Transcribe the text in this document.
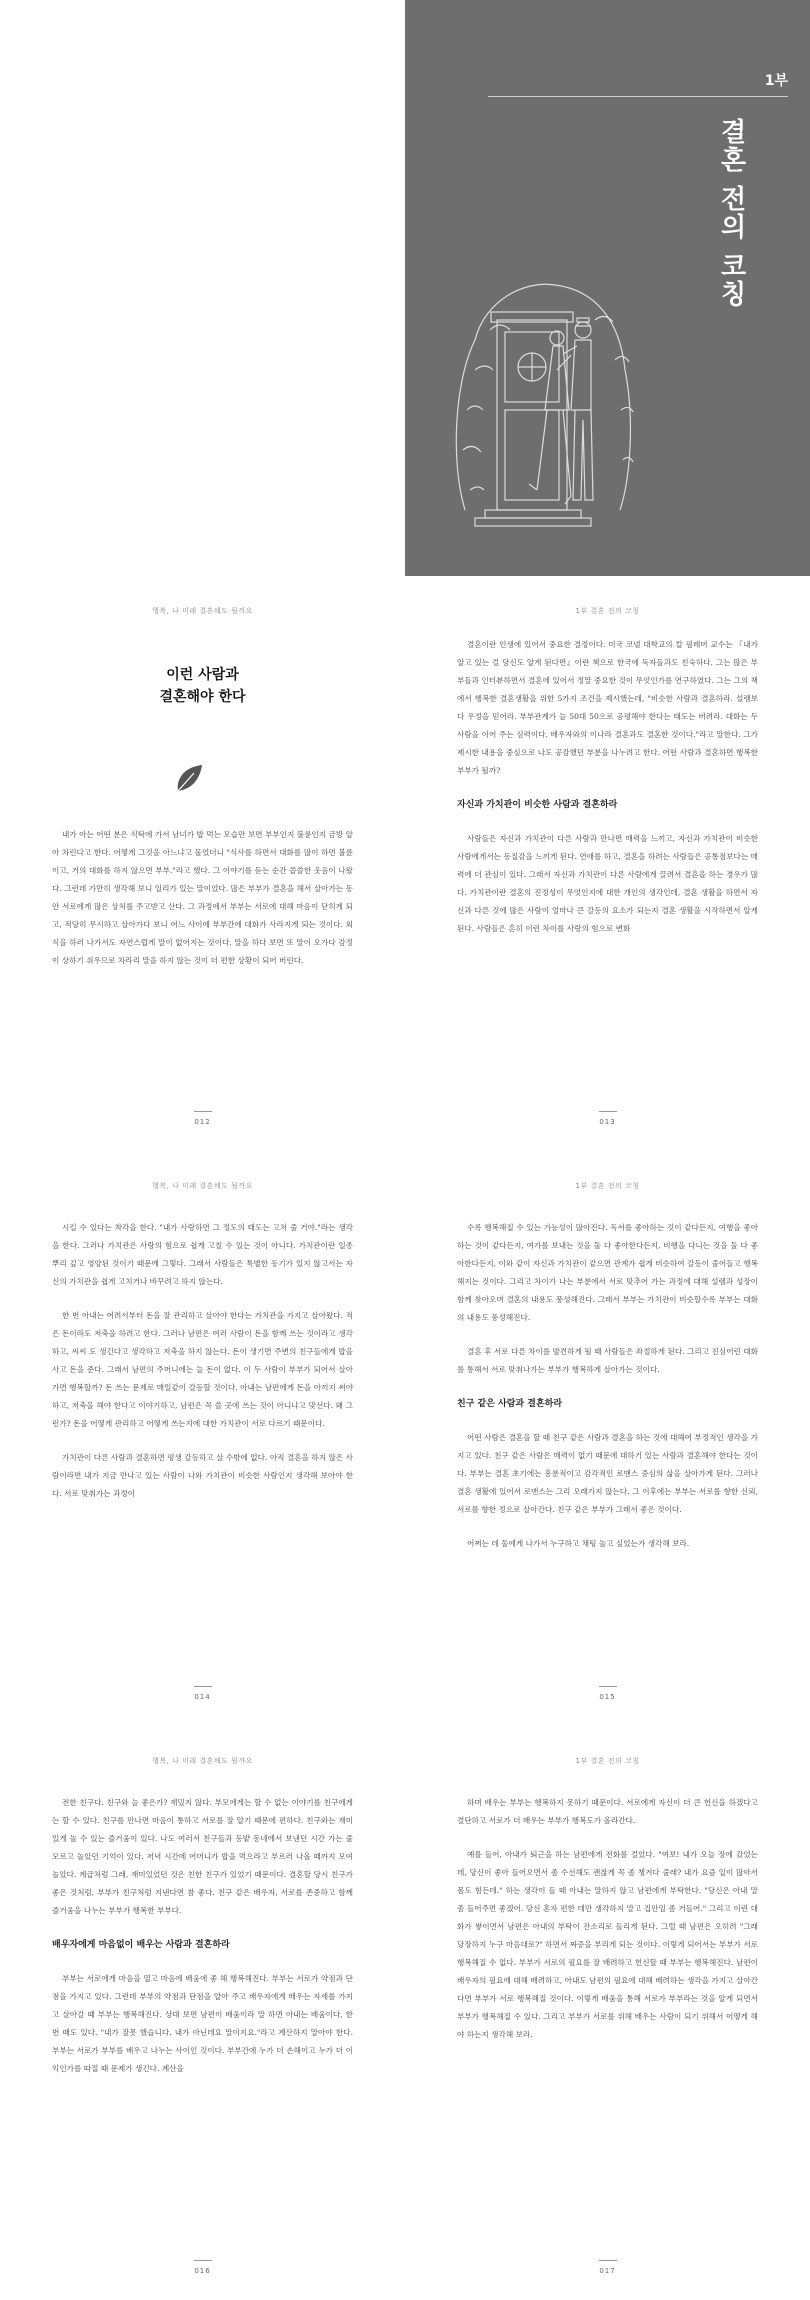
1부
결혼 전의 코칭
행복, 나 미래 결혼해도 될까요
이런 사람과
결혼해야 한다

내가 아는 어떤 분은 식탁에 가서 남녀가 밥 먹는 모습만 보면 부부인지 불륜인지 금방 알아 차린다고 한다. 어떻게 그것을 아느냐고 물었더니 "식사를 하면서 대화를 많이 하면 불륜이고, 거의 대화를 하지 않으면 부부."라고 했다. 그 이야기를 듣는 순간 씁쓸한 웃음이 나왔다. 그런데 가만히 생각해 보니 일리가 있는 말이었다. 많은 부부가 결혼을 해서 살아가는 동안 서로에게 많은 상처를 주고받고 산다. 그 과정에서 부부는 서로에 대해 마음이 닫히게 되고, 적당히 무시하고 살아가다 보니 어느 사이에 부부간에 대화가 사라지게 되는 것이다. 외식을 하러 나가서도 자연스럽게 말이 없어지는 것이다. 말을 하다 보면 또 말이 오가다 감정이 상하기 쉬우므로 차라리 말을 하지 않는 것이 더 편한 상황이 되어 버린다.

012
1부 결혼 전의 코칭

결혼이란 인생에 있어서 중요한 결정이다. 미국 코넬 대학교의 칼 필레머 교수는 『내가 알고 있는 걸 당신도 알게 된다면』이란 책으로 한국에 독자들과도 친숙하다. 그는 많은 부부들과 인터뷰하면서 결혼에 있어서 정말 중요한 것이 무엇인가를 연구하였다. 그는 그의 책에서 행복한 결혼생활을 위한 5가지 조건을 제시했는데, "비슷한 사람과 결혼하라. 설렘보다 우정을 믿어라. 부부관계가 늘 50대 50으로 공평해야 한다는 태도는 버려라. 대화는 두 사람을 이어 주는 심력이다. 배우자와의 이나라 결혼과도 결혼한 것이다."라고 말한다. 그가 제시한 내용을 중심으로 나도 공감했던 부분을 나누려고 한다. 어떤 사람과 결혼하면 행복한 부부가 될까?

자신과 가치관이 비슷한 사람과 결혼하라

사람들은 자신과 가치관이 다른 사람과 만나면 매력을 느끼고, 자신과 가치관이 비슷한 사람에게서는 동질감을 느끼게 된다. 연애를 하고, 결혼을 하려는 사람들은 공통점보다는 매력에 더 관심이 있다. 그래서 자신과 가치관이 다른 사람에게 끌려서 결혼을 하는 경우가 많다. 가치관이란 결혼의 진정성이 무엇인지에 대한 개인의 생각인데, 결혼 생활을 하면서 자신과 다른 것에 많은 사람이 얼마나 큰 갈등의 요소가 되는지 결혼 생활을 시작하면서 알게 된다. 사람들은 흔히 이런 차이를 사랑의 힘으로 변화

013
행복, 나 미래 결혼해도 될까요

시킬 수 있다는 착각을 한다. "내가 사랑하면 그 정도의 태도는 고쳐 줄 거야."라는 생각을 한다. 그러나 가치관은 사랑의 힘으로 쉽게 고칠 수 있는 것이 아니다. 가치관이란 일종 뿌리 깊고 영양된 것이기 때문에 그렇다. 그래서 사람들은 특별한 동기가 있지 않고서는 자신의 가치관을 쉽게 고치거나 바꾸려고 하지 않는다.

한 번 아내는 어려서부터 돈을 잘 관리하고 살아야 한다는 가치관을 가지고 살아왔다. 적은 돈이라도 저축을 하려고 한다. 그러나 남편은 여러 사람이 돈을 함께 쓰는 것이라고 생각하고, 씨씨 도 생긴다고 생각하고 저축을 하지 않는다. 돈이 생기면 주변의 친구들에게 밥을 사고 돈을 준다. 그래서 남편의 주머니에는 늘 돈이 없다. 이 두 사람이 부부가 되어서 살아가면 행복할까? 돈 쓰는 문제로 매일같이 갈등할 것이다. 아내는 남편에게 돈을 아끼지 써야 하고, 저축을 해야 한다고 이야기하고, 남편은 꼭 쓸 곳에 쓰는 것이 아니냐고 맞선다. 왜 그런가? 돈을 어떻게 관리하고 어떻게 쓰는지에 대한 가치관이 서로 다르기 때문이다.

가치관이 다른 사람과 결혼하면 평생 갈등하고 살 수밖에 없다. 아직 결혼을 하지 않은 사람이라면 내가 지금 만나고 있는 사람이 나와 가치관이 비슷한 사람인지 생각해 보아야 한다. 서로 맞춰가는 과정이

014
1부 결혼 전의 코칭

수록 행복해질 수 있는 가능성이 많아진다. 독서를 좋아하는 것이 같다든지, 여행을 좋아하는 것이 같다든지, 여가를 보내는 것을 둘 다 좋아한다든지, 비행을 다니는 것을 둘 다 좋아한다든지, 이와 같이 자신과 가치관이 같으면 관계가 쉽게 비슷하여 갈등이 줄어들고 행복해지는 것이다. 그리고 차이가 나는 부분에서 서로 맞추어 가는 과정에 대해 설렘과 성장이 함께 찾아오며 결혼의 내용도 풍성해진다. 그래서 부부는 가치관이 비슷할수록 부부는 대화의 내용도 풍성해진다.

결혼 후 서로 다른 차이를 발견하게 될 때 사람들은 좌절하게 된다. 그리고 진심어린 대화를 통해서 서로 맞춰나가는 부부가 행복하게 살아가는 것이다.

친구 같은 사람과 결혼하라

어떤 사람은 결혼을 할 때 친구 같은 사람과 결혼을 하는 것에 대해여 부정적인 생각을 가지고 있다. 친구 같은 사람은 매력이 없기 때문에 대하기 있는 사람과 결혼해야 한다는 것이다. 부부는 결혼 초기에는 흥분적이고 감각적인 로맨스 중심의 삶을 살아가게 된다. 그러나 결혼 생활에 있어서 로맨스는 그리 오래가지 않는다. 그 이후에는 부부는 서로를 향한 신뢰, 서로를 향한 정으로 살아간다. 친구 같은 부부가 그래서 좋은 것이다.

어쩌는 데 둘에게 나가서 누구하고 채팅 놀고 싶었는가 생각해 보라.

015
행복, 나 미래 결혼해도 될까요

전한 친구다. 친구와 늘 좋은가? 재밌지 않다. 부모에게는 할 수 없는 이야기를 친구에게는 할 수 있다. 친구를 만나면 마음이 통하고 서로를 잘 알기 때문에 편하다. 친구와는 재미있게 놀 수 있는 즐거움이 있다. 나도 여러서 친구들과 등밭 동네에서 보낸던 시간 가는 줄 모르고 놀았던 기억이 있다. 저녁 시간에 어머니가 밥을 먹으라고 부르러 나올 때까지 모여 놀았다. 계급처럼 그래, 재미있었던 것은 친한 친구가 있었기 때문이다. 결혼할 당시 친구가 좋은 것처럼, 부부가 친구처럼 지낸다면 참 좋다. 친구 같은 배우자, 서로를 존중하고 함께 즐거움을 나누는 부부가 행복한 부부다.

배우자에게 마음없이 배우는 사람과 결혼하라

부부는 서로에게 마음을 열고 마음에 배움에 좋 해 행복해진다. 부부는 서로가 약점과 단점을 가지고 있다. 그런데 부부의 약점과 단점을 알아 주고 배우자에게 배우는 자세를 가지고 살아갈 때 부부는 행복해진다. 상대 보면 남편이 배움이라 말 하면 아내는 배움이다, 한 번 때도 있다. "내가 잘못 했습니다. 내가 아닌데요 말이지요."라고 계산하지 말아야 한다. 부부는 서로가 부부를 배우고 나누는 사이인 것이다. 부부간에 누가 더 손해이고 누가 더 이익인가를 따질 때 문제가 생긴다. 계산을

016
1부 결혼 전의 코칭

하며 배우는 부부는 행복하지 못하기 때문이다. 서로에게 자신이 더 큰 헌신을 하겠다고 결단하고 서로가 더 배우는 부부가 행복도가 올라간다.

예를 들어, 아내가 퇴근을 하는 남편에게 전화를 걸었다. "여보! 내가 오늘 장에 갔었는데, 당신이 좋아 들어오면서 좀 수선해도 괜찮게 꼭 좀 챙겨다 줄래? 내가 요즘 일이 많아서 몸도 힘든데." 하는 생각이 들 때 아내는 말하지 않고 남편에게 부탁한다. "당신은 아내 말 좀 들어주면 좋겠어. 당신 혼자 편한 데만 생각하지 말고 집안일 좀 거들어." 그리고 이런 대화가 쌓이면서 남편은 아내의 부탁이 잔소리로 들리게 된다. 그럴 때 남편은 오히려 "그래 당장하지 누구 마음대로?" 하면서 짜증을 부리게 되는 것이다. 이렇게 되어서는 부부가 서로 행복해질 수 없다. 부부가 서로의 필요를 잘 배려하고 헌신할 때 부부는 행복해진다. 남편이 배우자의 필요에 대해 배려하고, 아내도 남편의 필요에 대해 배려하는 생각을 가지고 살아간다면 부부가 서로 행복해질 것이다. 이렇게 배움을 통해 서로가 부부라는 것을 알게 되면서 부부가 행복해질 수 있다. 그리고 부부가 서로를 위해 배우는 사람이 되기 위해서 어떻게 해야 하는지 생각해 보라.

017
